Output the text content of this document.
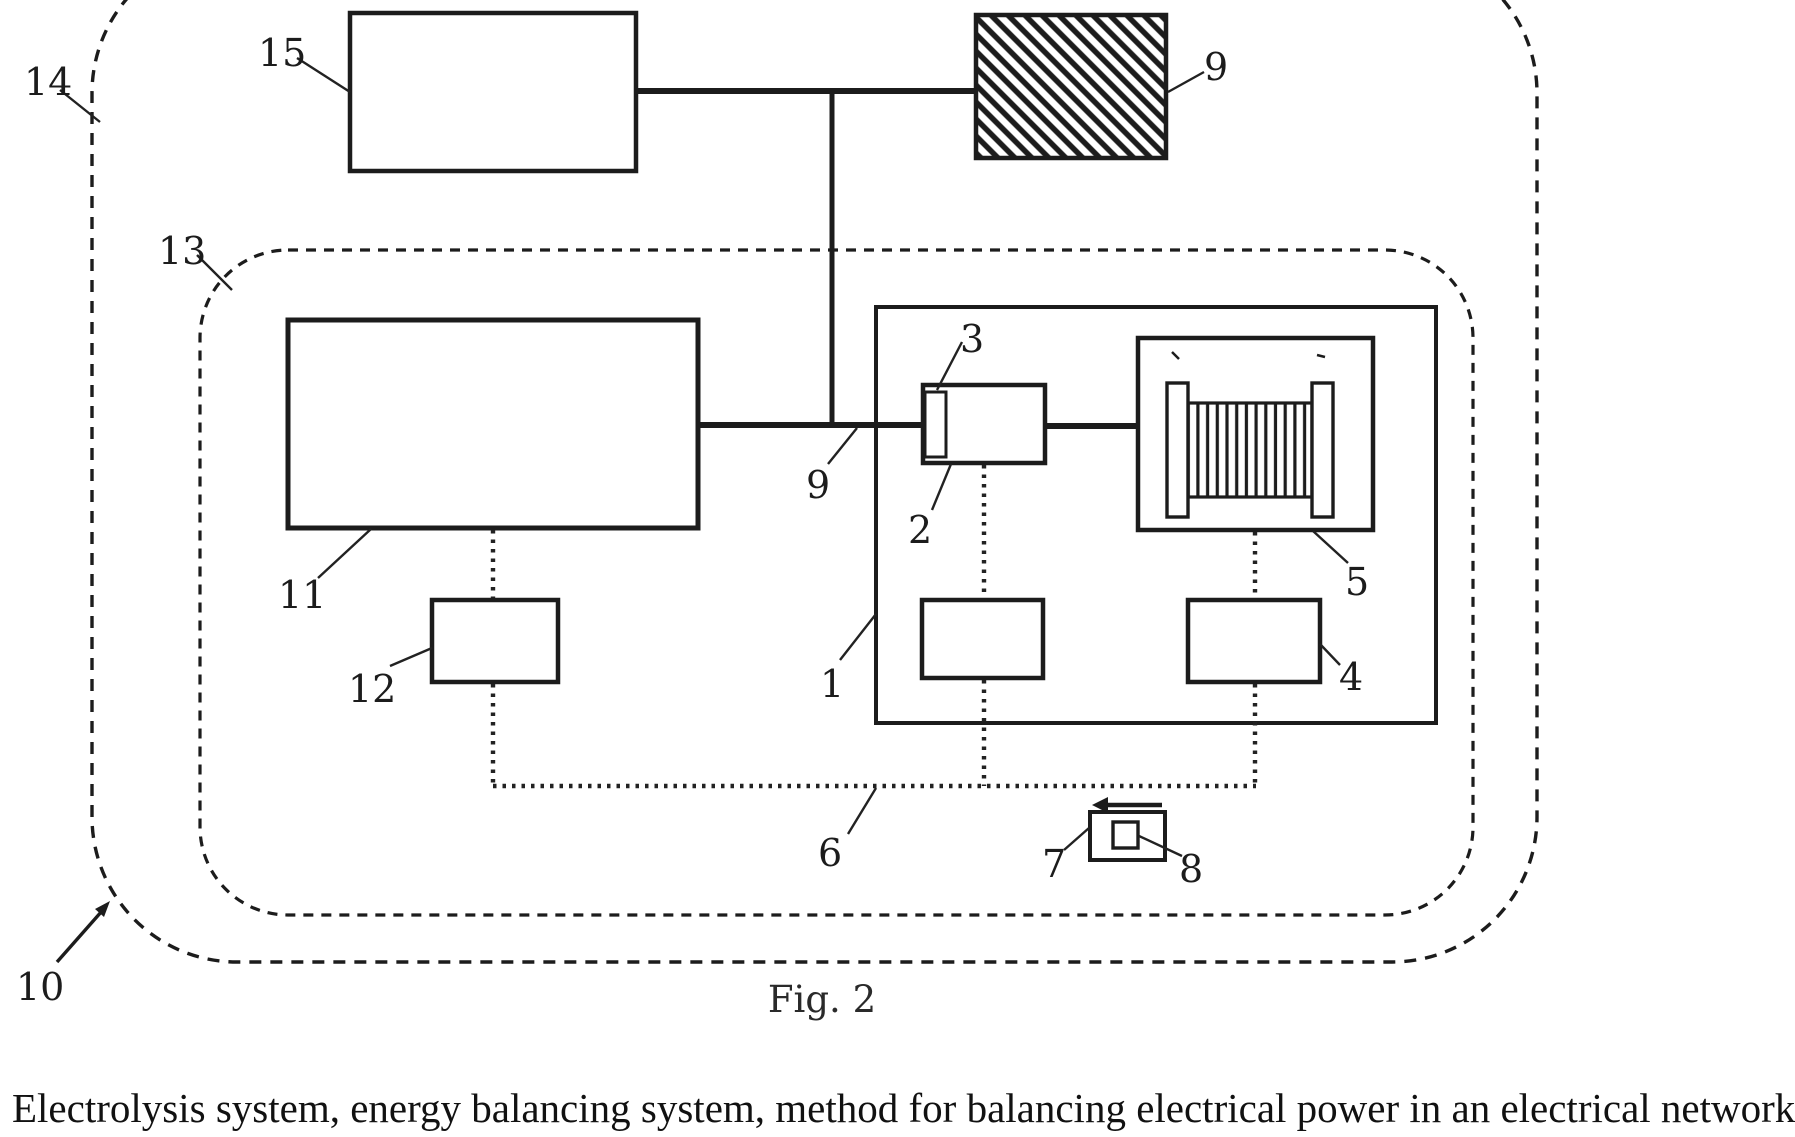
14
15
13
9
9
3
2
1
5
4
6	7	8
11
12
10	Fig. 2
Electrolysis system, energy balancing system, method for balancing electrical power in an electrical network
